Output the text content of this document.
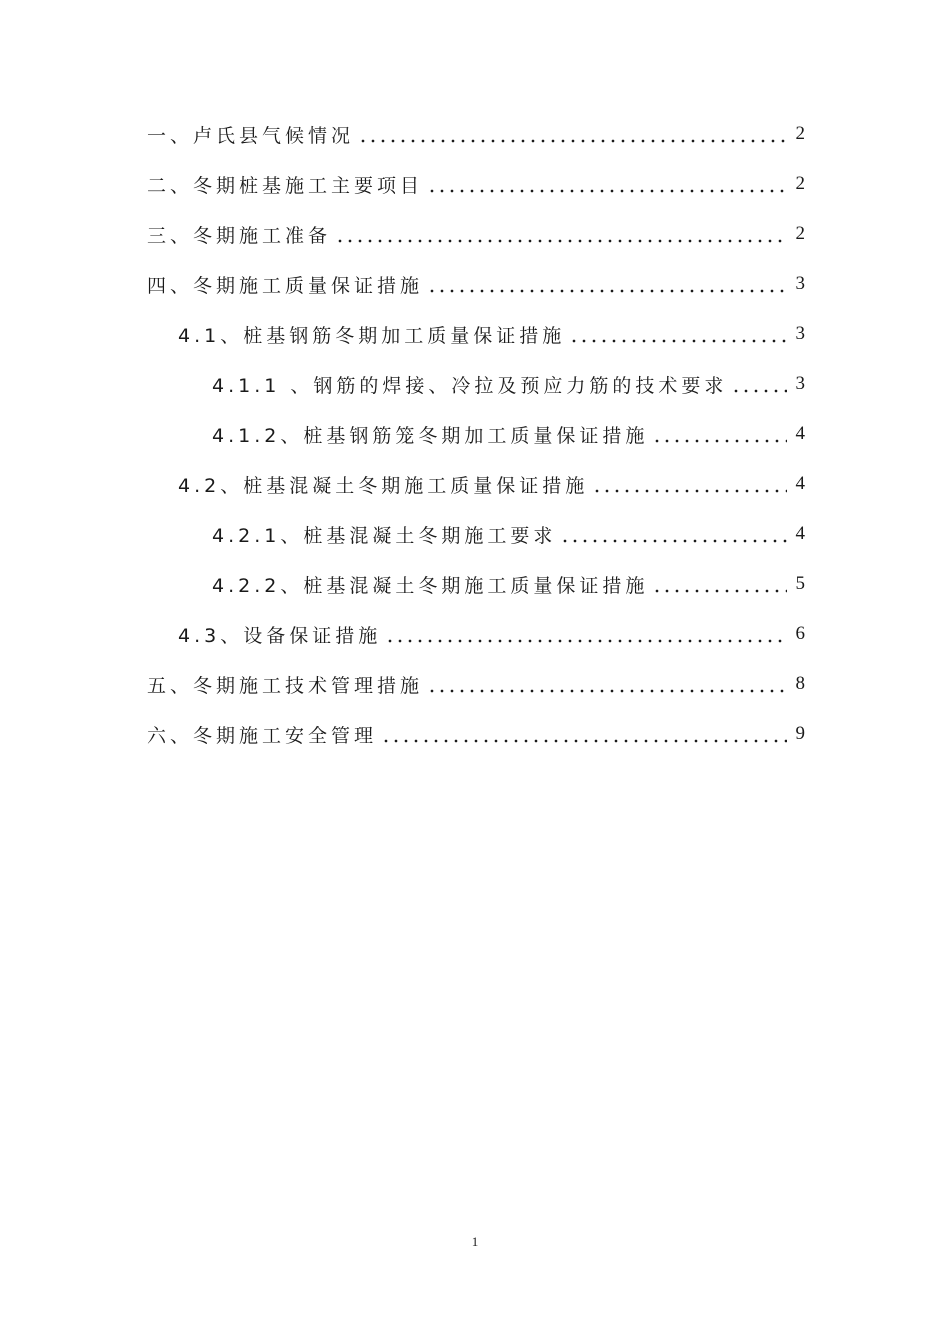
一、卢氏县气候情况	2
二、冬期桩基施工主要项目	2
三、冬期施工准备	2
四、冬期施工质量保证措施	3
4.1、桩基钢筋冬期加工质量保证措施	3
4.1.1 、钢筋的焊接、冷拉及预应力筋的技术要求	3
4.1.2、桩基钢筋笼冬期加工质量保证措施	4
4.2、桩基混凝土冬期施工质量保证措施	4
4.2.1、桩基混凝土冬期施工要求	4
4.2.2、桩基混凝土冬期施工质量保证措施	5
4.3、设备保证措施	6
五、冬期施工技术管理措施	8
六、冬期施工安全管理	9
1
